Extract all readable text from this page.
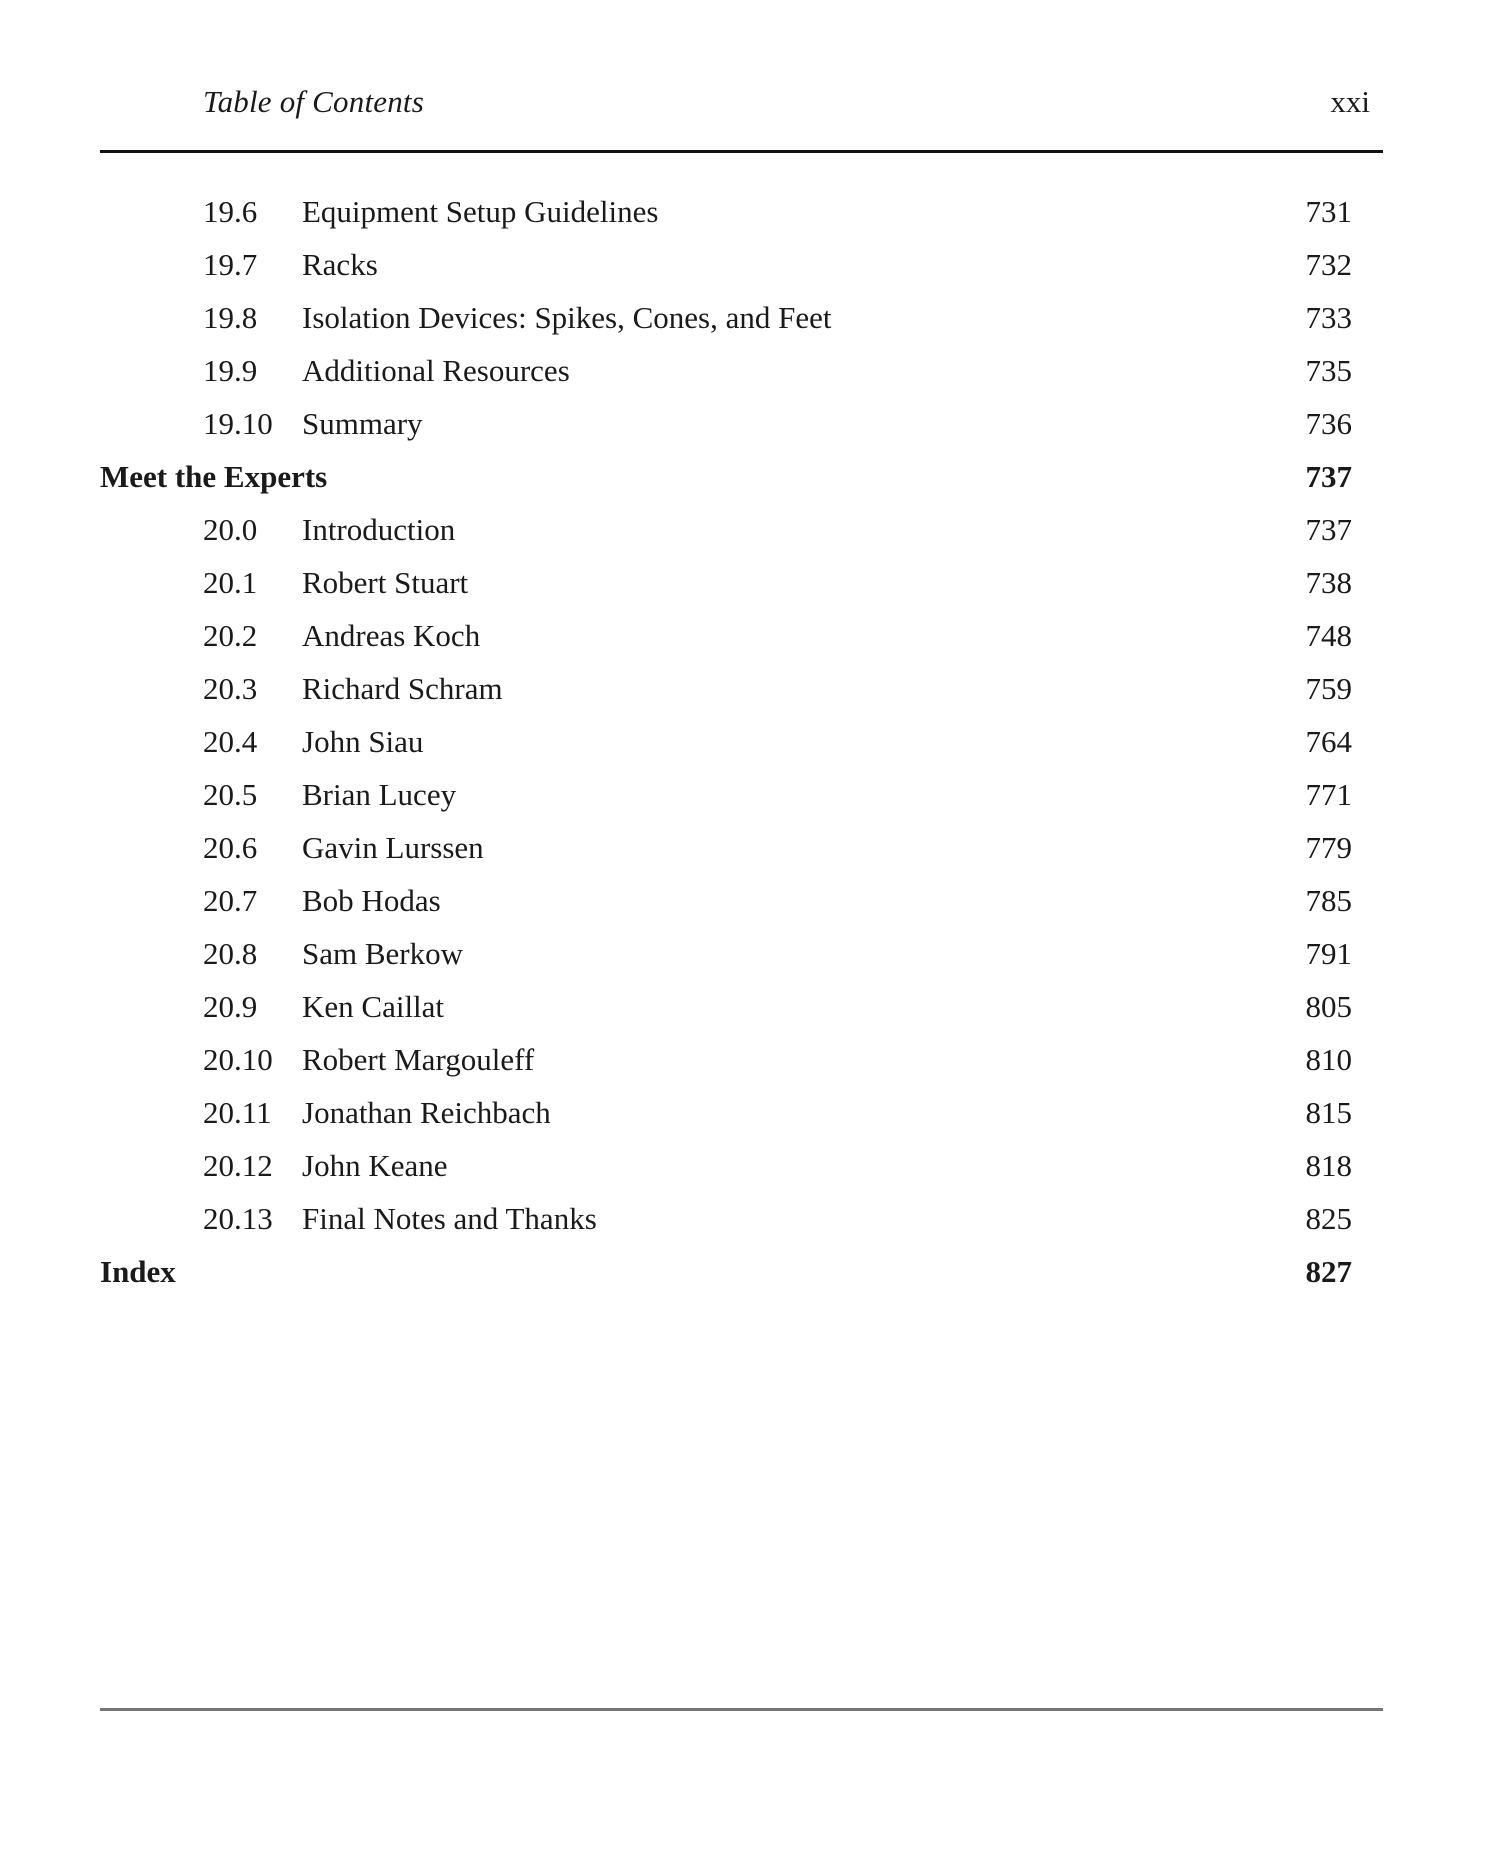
Table of Contents	xxi
19.6 Equipment Setup Guidelines	731
19.7 Racks	732
19.8 Isolation Devices: Spikes, Cones, and Feet	733
19.9 Additional Resources	735
19.10 Summary	736
Meet the Experts	737
20.0 Introduction	737
20.1 Robert Stuart	738
20.2 Andreas Koch	748
20.3 Richard Schram	759
20.4 John Siau	764
20.5 Brian Lucey	771
20.6 Gavin Lurssen	779
20.7 Bob Hodas	785
20.8 Sam Berkow	791
20.9 Ken Caillat	805
20.10 Robert Margouleff	810
20.11 Jonathan Reichbach	815
20.12 John Keane	818
20.13 Final Notes and Thanks	825
Index	827
